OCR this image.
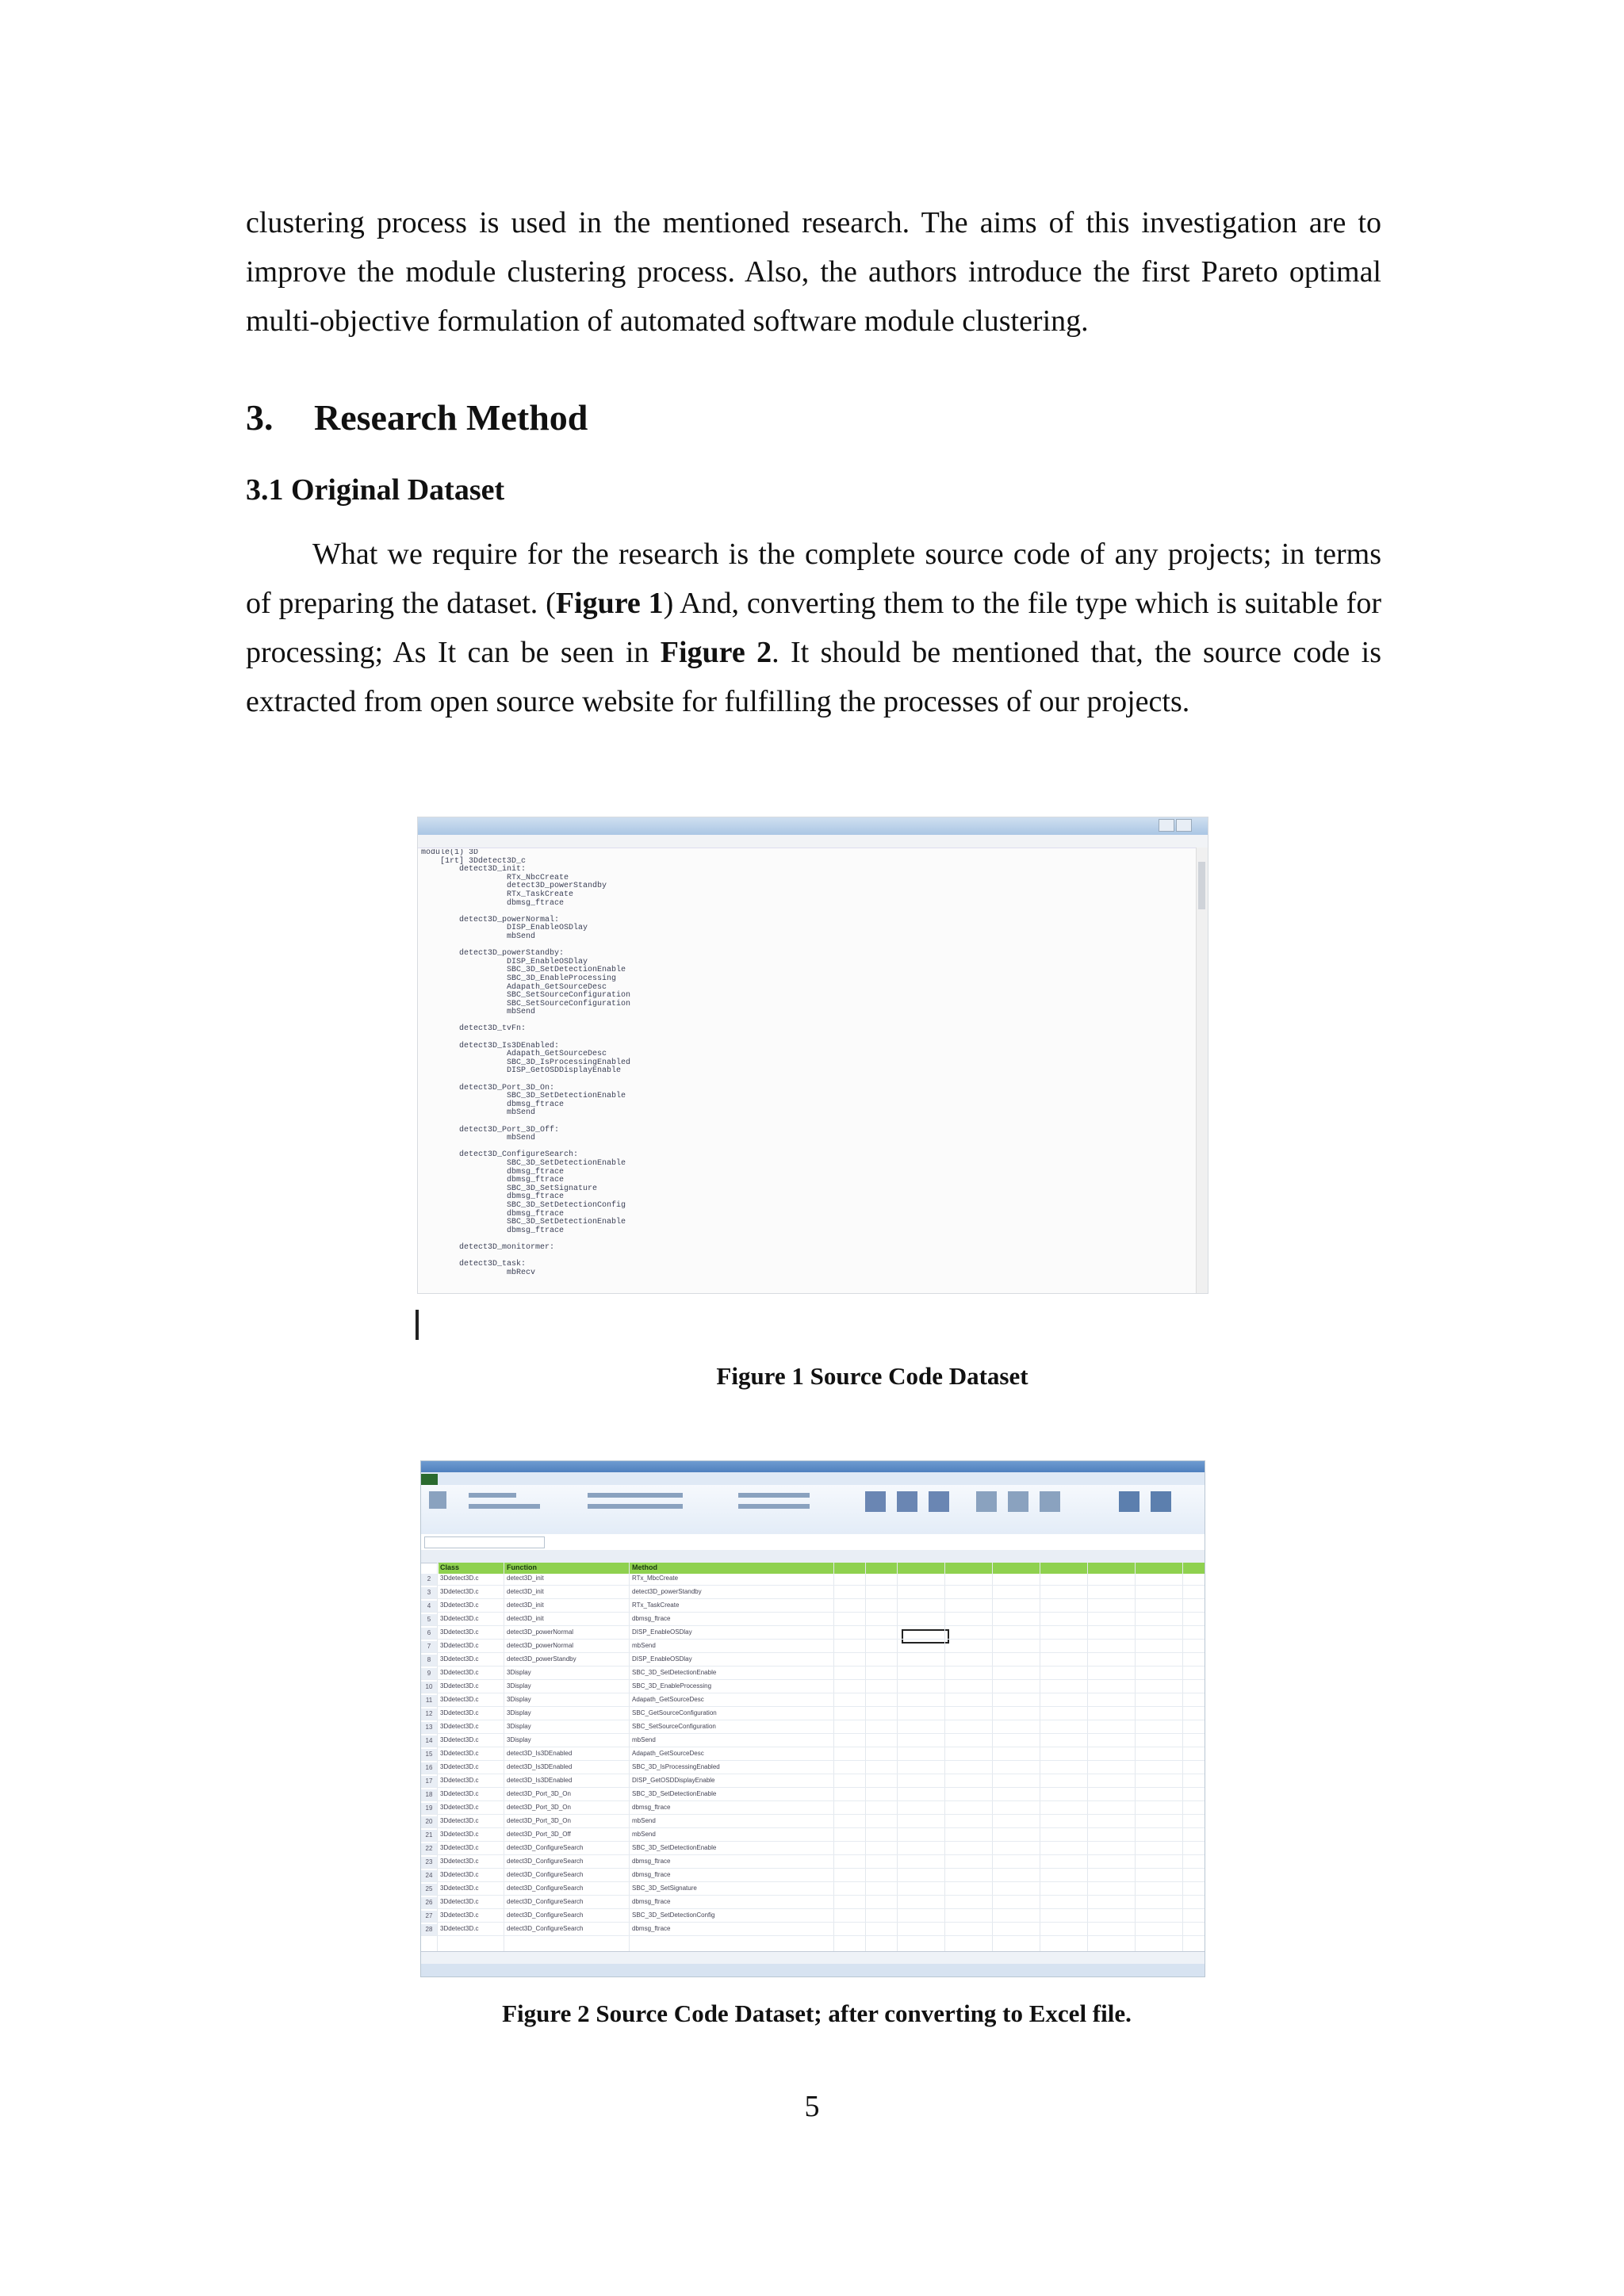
clustering process is used in the mentioned research. The aims of this investigation are to improve the module clustering process. Also, the authors introduce the first Pareto optimal multi-objective formulation of automated software module clustering.

3. Research Method
3.1 Original Dataset

What we require for the research is the complete source code of any projects; in terms of preparing the dataset. (Figure 1) And, converting them to the file type which is suitable for processing; As It can be seen in Figure 2. It should be mentioned that, the source code is extracted from open source website for fulfilling the processes of our projects.

module(1) 3D
[1rt] 3Ddetect3D_c
detect3D_init:
RTx_NbcCreate
detect3D_powerStandby
RTx_TaskCreate
dbmsg_ftrace

detect3D_powerNormal:
DISP_EnableOSDlay
mbSend

detect3D_powerStandby:
DISP_EnableOSDlay
SBC_3D_SetDetectionEnable
SBC_3D_EnableProcessing
Adapath_GetSourceDesc
SBC_SetSourceConfiguration
SBC_SetSourceConfiguration
mbSend

detect3D_tvFn:

detect3D_Is3DEnabled:
Adapath_GetSourceDesc
SBC_3D_IsProcessingEnabled
DISP_GetOSDDisplayEnable

detect3D_Port_3D_On:
SBC_3D_SetDetectionEnable
dbmsg_ftrace
mbSend

detect3D_Port_3D_Off:
mbSend

detect3D_ConfigureSearch:
SBC_3D_SetDetectionEnable
dbmsg_ftrace
dbmsg_ftrace
SBC_3D_SetSignature
dbmsg_ftrace
SBC_3D_SetDetectionConfig
dbmsg_ftrace
SBC_3D_SetDetectionEnable
dbmsg_ftrace

detect3D_monitormer:

detect3D_task:
mbRecv

Figure 1 Source Code Dataset

Class	Function	Method
2	3Ddetect3D.c	detect3D_init	RTx_MbcCreate
3	3Ddetect3D.c	detect3D_init	detect3D_powerStandby
4	3Ddetect3D.c	detect3D_init	RTx_TaskCreate
5	3Ddetect3D.c	detect3D_init	dbmsg_ftrace
6	3Ddetect3D.c	detect3D_powerNormal	DISP_EnableOSDlay
7	3Ddetect3D.c	detect3D_powerNormal	mbSend
8	3Ddetect3D.c	detect3D_powerStandby	DISP_EnableOSDlay
9	3Ddetect3D.c	3Display	SBC_3D_SetDetectionEnable
10	3Ddetect3D.c	3Display	SBC_3D_EnableProcessing
11	3Ddetect3D.c	3Display	Adapath_GetSourceDesc
12	3Ddetect3D.c	3Display	SBC_GetSourceConfiguration
13	3Ddetect3D.c	3Display	SBC_SetSourceConfiguration
14	3Ddetect3D.c	3Display	mbSend
15	3Ddetect3D.c	detect3D_Is3DEnabled	Adapath_GetSourceDesc
16	3Ddetect3D.c	detect3D_Is3DEnabled	SBC_3D_IsProcessingEnabled
17	3Ddetect3D.c	detect3D_Is3DEnabled	DISP_GetOSDDisplayEnable
18	3Ddetect3D.c	detect3D_Port_3D_On	SBC_3D_SetDetectionEnable
19	3Ddetect3D.c	detect3D_Port_3D_On	dbmsg_ftrace
20	3Ddetect3D.c	detect3D_Port_3D_On	mbSend
21	3Ddetect3D.c	detect3D_Port_3D_Off	mbSend
22	3Ddetect3D.c	detect3D_ConfigureSearch	SBC_3D_SetDetectionEnable
23	3Ddetect3D.c	detect3D_ConfigureSearch	dbmsg_ftrace
24	3Ddetect3D.c	detect3D_ConfigureSearch	dbmsg_ftrace
25	3Ddetect3D.c	detect3D_ConfigureSearch	SBC_3D_SetSignature
26	3Ddetect3D.c	detect3D_ConfigureSearch	dbmsg_ftrace
27	3Ddetect3D.c	detect3D_ConfigureSearch	SBC_3D_SetDetectionConfig
28	3Ddetect3D.c	detect3D_ConfigureSearch	dbmsg_ftrace

Figure 2 Source Code Dataset; after converting to Excel file.

5
